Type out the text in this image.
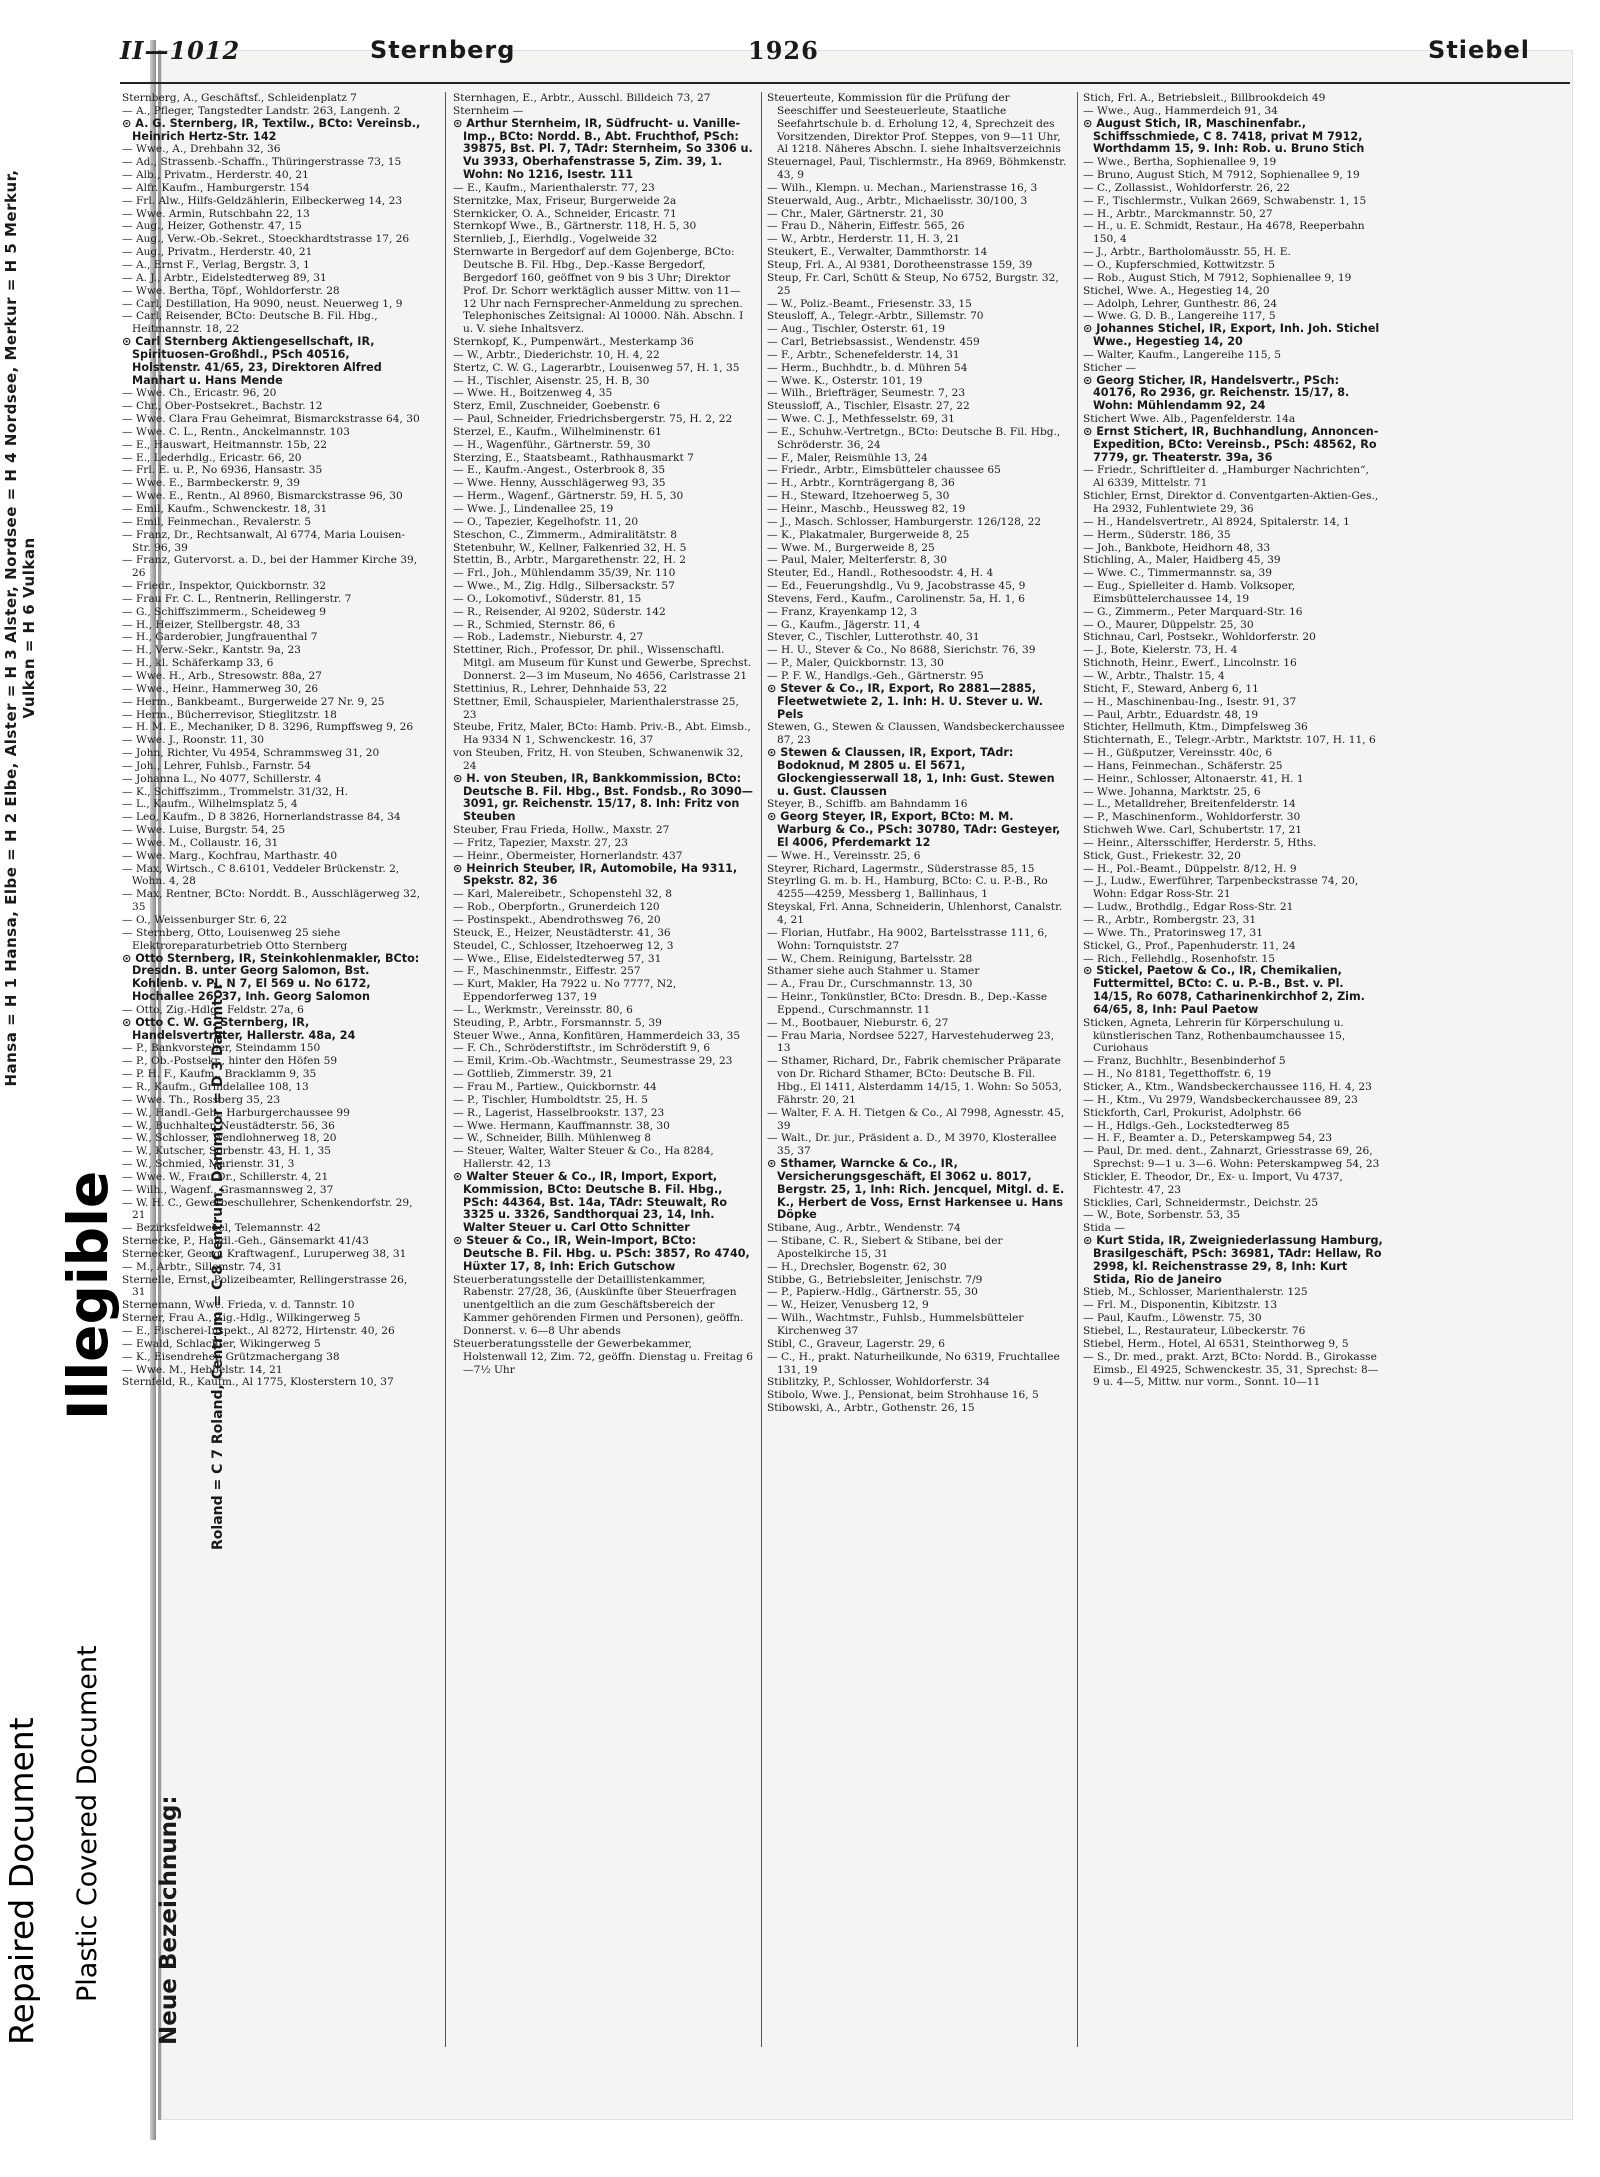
II—1012	Sternberg	1926	Stiebel
Hansa = H 1 Hansa, Elbe = H 2 Elbe, Alster = H 3 Alster, Nordsee = H 4 Nordsee, Merkur = H 5 Merkur, Vulkan = H 6 Vulkan

Sternberg, A., Geschäftsf., Schleidenplatz 7

— A., Pfleger, Tangstedter Landstr. 263, Langenh. 2

⊙ A. G. Sternberg, IR, Textilw., BCto: Vereinsb., Heinrich Hertz-Str. 142

— Wwe., A., Drehbahn 32, 36

— Ad., Strassenb.-Schaffn., Thüringerstrasse 73, 15

— Alb., Privatm., Herderstr. 40, 21

— Alfr. Kaufm., Hamburgerstr. 154

— Frl. Alw., Hilfs-Geldzählerin, Eilbeckerweg 14, 23

— Wwe. Armin, Rutschbahn 22, 13

— Aug., Heizer, Gothenstr. 47, 15

— Aug., Verw.-Ob.-Sekret., Stoeckhardtstrasse 17, 26

— Aug., Privatm., Herderstr. 40, 21

— A., Ernst F., Verlag, Bergstr. 3, 1

— A. J., Arbtr., Eidelstedterweg 89, 31

— Wwe. Bertha, Töpf., Wohldorferstr. 28

— Carl, Destillation, Ha 9090, neust. Neuerweg 1, 9

— Carl, Reisender, BCto: Deutsche B. Fil. Hbg., Heitmannstr. 18, 22

⊙ Carl Sternberg Aktiengesellschaft, IR, Spirituosen-Großhdl., PSch 40516, Holstenstr. 41/65, 23, Direktoren Alfred Manhart u. Hans Mende

— Wwe. Ch., Ericastr. 96, 20

— Chr., Ober-Postsekret., Bachstr. 12

— Wwe. Clara Frau Geheimrat, Bismarckstrasse 64, 30

— Wwe. C. L., Rentn., Anckelmannstr. 103

— E., Hauswart, Heitmannstr. 15b, 22

— E., Lederhdlg., Ericastr. 66, 20

— Frl. E. u. P., No 6936, Hansastr. 35

— Wwe. E., Barmbeckerstr. 9, 39

— Wwe. E., Rentn., Al 8960, Bismarckstrasse 96, 30

— Emil, Kaufm., Schwenckestr. 18, 31

— Emil, Feinmechan., Revalerstr. 5

— Franz, Dr., Rechtsanwalt, Al 6774, Maria Louisen-Str. 96, 39

— Franz, Gutervorst. a. D., bei der Hammer Kirche 39, 26

— Friedr., Inspektor, Quickbornstr. 32

— Frau Fr. C. L., Rentnerin, Rellingerstr. 7

— G., Schiffszimmerm., Scheideweg 9

— H., Heizer, Stellbergstr. 48, 33

— H., Garderobier, Jungfrauenthal 7

— H., Verw.-Sekr., Kantstr. 9a, 23

— H., kl. Schäferkamp 33, 6

— Wwe. H., Arb., Stresowstr. 88a, 27

— Wwe., Heinr., Hammerweg 30, 26

— Herm., Bankbeamt., Burgerweide 27 Nr. 9, 25

— Herm., Bücherrevisor, Stieglitzstr. 18

— H. M. E., Mechaniker, D 8. 3296, Rumpffsweg 9, 26

— Wwe. J., Roonstr. 11, 30

— John, Richter, Vu 4954, Schrammsweg 31, 20

— Joh., Lehrer, Fuhlsb., Farnstr. 54

— Johanna L., No 4077, Schillerstr. 4

— K., Schiffszimm., Trommelstr. 31/32, H.

— L., Kaufm., Wilhelmsplatz 5, 4

— Leo, Kaufm., D 8 3826, Hornerlandstrasse 84, 34

— Wwe. Luise, Burgstr. 54, 25

— Wwe. M., Collaustr. 16, 31

— Wwe. Marg., Kochfrau, Marthastr. 40

— Max, Wirtsch., C 8.6101, Veddeler Brückenstr. 2, Wohn. 4, 28

— Max, Rentner, BCto: Norddt. B., Ausschlägerweg 32, 35

— O., Weissenburger Str. 6, 22

— Sternberg, Otto, Louisenweg 25 siehe Elektroreparaturbetrieb Otto Sternberg

⊙ Otto Sternberg, IR, Steinkohlenmakler, BCto: Dresdn. B. unter Georg Salomon, Bst. Kohlenb. v. Pl. N 7, El 569 u. No 6172, Hochallee 26, 37, Inh. Georg Salomon

— Otto, Zig.-Hdlg., Feldstr. 27a, 6

⊙ Otto C. W. G. Sternberg, IR, Handelsvertreter, Hallerstr. 48a, 24

— P., Bankvorsteher, Steindamm 150

— P., Ob.-Postsekr., hinter den Höfen 59

— P. H. F., Kaufm., Bracklamm 9, 35

— R., Kaufm., Grindelallee 108, 13

— Wwe. Th., Rossberg 35, 23

— W., Handl.-Geh., Harburgerchaussee 99

— W., Buchhalter, Neustädterstr. 56, 36

— W., Schlosser, Wendlohnerweg 18, 20

— W., Kutscher, Sorbenstr. 43, H. 1, 35

— W., Schmied, Marienstr. 31, 3

— Wwe. W., Frau Dr., Schillerstr. 4, 21

— Wilh., Wagenf., Grasmannsweg 2, 37

— W. H. C., Gewerbeschullehrer, Schenkendorfstr. 29, 21

— Bezirksfeldwebel, Telemannstr. 42

Sternecke, P., Handl.-Geh., Gänsemarkt 41/43

Sternecker, Georg, Kraftwagenf., Luruperweg 38, 31

— M., Arbtr., Sillemstr. 74, 31

Sternelle, Ernst, Polizeibeamter, Rellingerstrasse 26, 31

Sternemann, Wwe. Frieda, v. d. Tannstr. 10

Sterner, Frau A., Zig.-Hdlg., Wilkingerweg 5

— E., Fischerei-Inspekt., Al 8272, Hirtenstr. 40, 26

— Ewald, Schlachter, Wikingerweg 5

— K., Eisendreher, Grützmachergang 38

— Wwe. M., Hebbelstr. 14, 21

Sternfeld, R., Kaufm., Al 1775, Klosterstern 10, 37

Sternhagen, E., Arbtr., Ausschl. Billdeich 73, 27

Sternheim —

⊙ Arthur Sternheim, IR, Südfrucht- u. Vanille-Imp., BCto: Nordd. B., Abt. Fruchthof, PSch: 39875, Bst. Pl. 7, TAdr: Sternheim, So 3306 u. Vu 3933, Oberhafenstrasse 5, Zim. 39, 1. Wohn: No 1216, Isestr. 111

— E., Kaufm., Marienthalerstr. 77, 23

Sternitzke, Max, Friseur, Burgerweide 2a

Sternkicker, O. A., Schneider, Ericastr. 71

Sternkopf Wwe., B., Gärtnerstr. 118, H. 5, 30

Sternlieb, J., Eierhdlg., Vogelweide 32

Sternwarte in Bergedorf auf dem Gojenberge, BCto: Deutsche B. Fil. Hbg., Dep.-Kasse Bergedorf, Bergedorf 160, geöffnet von 9 bis 3 Uhr; Direktor Prof. Dr. Schorr werktäglich ausser Mittw. von 11—12 Uhr nach Fernsprecher-Anmeldung zu sprechen. Telephonisches Zeitsignal: Al 10000. Näh. Abschn. I u. V. siehe Inhaltsverz.

Sternkopf, K., Pumpenwärt., Mesterkamp 36

— W., Arbtr., Diederichstr. 10, H. 4, 22

Stertz, C. W. G., Lagerarbtr., Louisenweg 57, H. 1, 35

— H., Tischler, Aisenstr. 25, H. B, 30

— Wwe. H., Boitzenweg 4, 35

Sterz, Emil, Zuschneider, Goebenstr. 6

— Paul, Schneider, Friedrichsbergerstr. 75, H. 2, 22

Sterzel, E., Kaufm., Wilhelminenstr. 61

— H., Wagenführ., Gärtnerstr. 59, 30

Sterzing, E., Staatsbeamt., Rathhausmarkt 7

— E., Kaufm.-Angest., Osterbrook 8, 35

— Wwe. Henny, Ausschlägerweg 93, 35

— Herm., Wagenf., Gärtnerstr. 59, H. 5, 30

— Wwe. J., Lindenallee 25, 19

— O., Tapezier, Kegelhofstr. 11, 20

Steschon, C., Zimmerm., Admiralitätstr. 8

Stetenbuhr, W., Kellner, Falkenried 32, H. 5

Stettin, B., Arbtr., Margarethenstr. 22, H. 2

— Frl., Joh., Mühlendamm 35/39, Nr. 110

— Wwe., M., Zig. Hdlg., Silbersackstr. 57

— O., Lokomotivf., Süderstr. 81, 15

— R., Reisender, Al 9202, Süderstr. 142

— R., Schmied, Sternstr. 86, 6

— Rob., Lademstr., Nieburstr. 4, 27

Stettiner, Rich., Professor, Dr. phil., Wissenschaftl. Mitgl. am Museum für Kunst und Gewerbe, Sprechst. Donnerst. 2—3 im Museum, No 4656, Carlstrasse 21

Stettinius, R., Lehrer, Dehnhaide 53, 22

Stettner, Emil, Schauspieler, Marienthalerstrasse 25, 23

Steube, Fritz, Maler, BCto: Hamb. Priv.-B., Abt. Eimsb., Ha 9334 N 1, Schwenckestr. 16, 37

von Steuben, Fritz, H. von Steuben, Schwanenwik 32, 24

⊙ H. von Steuben, IR, Bankkommission, BCto: Deutsche B. Fil. Hbg., Bst. Fondsb., Ro 3090—3091, gr. Reichenstr. 15/17, 8. Inh: Fritz von Steuben

Steuber, Frau Frieda, Hollw., Maxstr. 27

— Fritz, Tapezier, Maxstr. 27, 23

— Heinr., Obermeister, Hornerlandstr. 437

⊙ Heinrich Steuber, IR, Automobile, Ha 9311, Spekstr. 82, 36

— Karl, Malereibetr., Schopenstehl 32, 8

— Rob., Oberpfortn., Grunerdeich 120

— Postinspekt., Abendrothsweg 76, 20

Steuck, E., Heizer, Neustädterstr. 41, 36

Steudel, C., Schlosser, Itzehoerweg 12, 3

— Wwe., Elise, Eidelstedterweg 57, 31

— F., Maschinenmstr., Eiffestr. 257

— Kurt, Makler, Ha 7922 u. No 7777, N2, Eppendorferweg 137, 19

— L., Werkmstr., Vereinsstr. 80, 6

Steuding, P., Arbtr., Forsmannstr. 5, 39

Steuer Wwe., Anna, Konfitüren, Hammerdeich 33, 35

— F. Ch., Schröderstiftstr., im Schröderstift 9, 6

— Emil, Krim.-Ob.-Wachtmstr., Seumestrasse 29, 23

— Gottlieb, Zimmerstr. 39, 21

— Frau M., Partiew., Quickbornstr. 44

— P., Tischler, Humboldtstr. 25, H. 5

— R., Lagerist, Hasselbrookstr. 137, 23

— Wwe. Hermann, Kauffmannstr. 38, 30

— W., Schneider, Billh. Mühlenweg 8

— Steuer, Walter, Walter Steuer & Co., Ha 8284, Hallerstr. 42, 13

⊙ Walter Steuer & Co., IR, Import, Export, Kommission, BCto: Deutsche B. Fil. Hbg., PSch: 44364, Bst. 14a, TAdr: Steuwalt, Ro 3325 u. 3326, Sandthorquai 23, 14, Inh. Walter Steuer u. Carl Otto Schnitter

⊙ Steuer & Co., IR, Wein-Import, BCto: Deutsche B. Fil. Hbg. u. PSch: 3857, Ro 4740, Hüxter 17, 8, Inh: Erich Gutschow

Steuerberatungsstelle der Detaillistenkammer, Rabenstr. 27/28, 36, (Auskünfte über Steuerfragen unentgeltlich an die zum Geschäftsbereich der Kammer gehörenden Firmen und Personen), geöffn. Donnerst. v. 6—8 Uhr abends

Steuerberatungsstelle der Gewerbekammer, Holstenwall 12, Zim. 72, geöffn. Dienstag u. Freitag 6—7½ Uhr

Steuerteute, Kommission für die Prüfung der Seeschiffer und Seesteuerleute, Staatliche Seefahrtschule b. d. Erholung 12, 4, Sprechzeit des Vorsitzenden, Direktor Prof. Steppes, von 9—11 Uhr, Al 1218. Näheres Abschn. I. siehe Inhaltsverzeichnis

Steuernagel, Paul, Tischlermstr., Ha 8969, Böhmkenstr. 43, 9

— Wilh., Klempn. u. Mechan., Marienstrasse 16, 3

Steuerwald, Aug., Arbtr., Michaelisstr. 30/100, 3

— Chr., Maler, Gärtnerstr. 21, 30

— Frau D., Näherin, Eiffestr. 565, 26

— W., Arbtr., Herderstr. 11, H. 3, 21

Steukert, E., Verwalter, Dammthorstr. 14

Steup, Frl. A., Al 9381, Dorotheenstrasse 159, 39

Steup, Fr. Carl, Schütt & Steup, No 6752, Burgstr. 32, 25

— W., Poliz.-Beamt., Friesenstr. 33, 15

Steusloff, A., Telegr.-Arbtr., Sillemstr. 70

— Aug., Tischler, Osterstr. 61, 19

— Carl, Betriebsassist., Wendenstr. 459

— F., Arbtr., Schenefelderstr. 14, 31

— Herm., Buchhdtr., b. d. Mühren 54

— Wwe. K., Osterstr. 101, 19

— Wilh., Briefträger, Seumestr. 7, 23

Steussloff, A., Tischler, Elsastr. 27, 22

— Wwe. C. J., Methfesselstr. 69, 31

— E., Schuhw.-Vertretgn., BCto: Deutsche B. Fil. Hbg., Schröderstr. 36, 24

— F., Maler, Reismühle 13, 24

— Friedr., Arbtr., Eimsbütteler chaussee 65

— H., Arbtr., Kornträgergang 8, 36

— H., Steward, Itzehoerweg 5, 30

— Heinr., Maschb., Heussweg 82, 19

— J., Masch. Schlosser, Hamburgerstr. 126/128, 22

— K., Plakatmaler, Burgerweide 8, 25

— Wwe. M., Burgerweide 8, 25

— Paul, Maler, Melterferstr. 8, 30

Steuter, Ed., Handl., Rothesoodstr. 4, H. 4

— Ed., Feuerungshdlg., Vu 9, Jacobstrasse 45, 9

Stevens, Ferd., Kaufm., Carolinenstr. 5a, H. 1, 6

— Franz, Krayenkamp 12, 3

— G., Kaufm., Jägerstr. 11, 4

Stever, C., Tischler, Lutterothstr. 40, 31

— H. U., Stever & Co., No 8688, Sierichstr. 76, 39

— P., Maler, Quickbornstr. 13, 30

— P. F. W., Handlgs.-Geh., Gärtnerstr. 95

⊙ Stever & Co., IR, Export, Ro 2881—2885, Fleetwetwiete 2, 1. Inh: H. U. Stever u. W. Pels

Stewen, G., Stewen & Claussen, Wandsbeckerchaussee 87, 23

⊙ Stewen & Claussen, IR, Export, TAdr: Bodoknud, M 2805 u. El 5671, Glockengiesserwall 18, 1, Inh: Gust. Stewen u. Gust. Claussen

Steyer, B., Schiffb. am Bahndamm 16

⊙ Georg Steyer, IR, Export, BCto: M. M. Warburg & Co., PSch: 30780, TAdr: Gesteyer, El 4006, Pferdemarkt 12

— Wwe. H., Vereinsstr. 25, 6

Steyrer, Richard, Lagermstr., Süderstrasse 85, 15

Steyrling G. m. b. H., Hamburg, BCto: C. u. P.-B., Ro 4255—4259, Messberg 1, Ballinhaus, 1

Steyskal, Frl. Anna, Schneiderin, Uhlenhorst, Canalstr. 4, 21

— Florian, Hutfabr., Ha 9002, Bartelsstrasse 111, 6, Wohn: Tornquiststr. 27

— W., Chem. Reinigung, Bartelsstr. 28

Sthamer siehe auch Stahmer u. Stamer

— A., Frau Dr., Curschmannstr. 13, 30

— Heinr., Tonkünstler, BCto: Dresdn. B., Dep.-Kasse Eppend., Curschmannstr. 11

— M., Bootbauer, Nieburstr. 6, 27

— Frau Maria, Nordsee 5227, Harvestehuderweg 23, 13

— Sthamer, Richard, Dr., Fabrik chemischer Präparate von Dr. Richard Sthamer, BCto: Deutsche B. Fil. Hbg., El 1411, Alsterdamm 14/15, 1. Wohn: So 5053, Fährstr. 20, 21

— Walter, F. A. H. Tietgen & Co., Al 7998, Agnesstr. 45, 39

— Walt., Dr. jur., Präsident a. D., M 3970, Klosterallee 35, 37

⊙ Sthamer, Warncke & Co., IR, Versicherungsgeschäft, El 3062 u. 8017, Bergstr. 25, 1, Inh: Rich. Jencquel, Mitgl. d. E. K., Herbert de Voss, Ernst Harkensee u. Hans Döpke

Stibane, Aug., Arbtr., Wendenstr. 74

— Stibane, C. R., Siebert & Stibane, bei der Apostelkirche 15, 31

— H., Drechsler, Bogenstr. 62, 30

Stibbe, G., Betriebsleiter, Jenischstr. 7/9

— P., Papierw.-Hdlg., Gärtnerstr. 55, 30

— W., Heizer, Venusberg 12, 9

— Wilh., Wachtmstr., Fuhlsb., Hummelsbütteler Kirchenweg 37

Stibl, C., Graveur, Lagerstr. 29, 6

— C., H., prakt. Naturheilkunde, No 6319, Fruchtallee 131, 19

Stiblitzky, P., Schlosser, Wohldorferstr. 34

Stibolo, Wwe. J., Pensionat, beim Strohhause 16, 5

Stibowski, A., Arbtr., Gothenstr. 26, 15

Stich, Frl. A., Betriebsleit., Billbrookdeich 49

— Wwe., Aug., Hammerdeich 91, 34

⊙ August Stich, IR, Maschinenfabr., Schiffsschmiede, C 8. 7418, privat M 7912, Worthdamm 15, 9. Inh: Rob. u. Bruno Stich

— Wwe., Bertha, Sophienallee 9, 19

— Bruno, August Stich, M 7912, Sophienallee 9, 19

— C., Zollassist., Wohldorferstr. 26, 22

— F., Tischlermstr., Vulkan 2669, Schwabenstr. 1, 15

— H., Arbtr., Marckmannstr. 50, 27

— H., u. E. Schmidt, Restaur., Ha 4678, Reeperbahn 150, 4

— J., Arbtr., Bartholomäusstr. 55, H. E.

— O., Kupferschmied, Kottwitzstr. 5

— Rob., August Stich, M 7912, Sophienallee 9, 19

Stichel, Wwe. A., Hegestieg 14, 20

— Adolph, Lehrer, Gunthestr. 86, 24

— Wwe. G. D. B., Langereihe 117, 5

⊙ Johannes Stichel, IR, Export, Inh. Joh. Stichel Wwe., Hegestieg 14, 20

— Walter, Kaufm., Langereihe 115, 5

Sticher —

⊙ Georg Sticher, IR, Handelsvertr., PSch: 40176, Ro 2936, gr. Reichenstr. 15/17, 8. Wohn: Mühlendamm 92, 24

Stichert Wwe. Alb., Pagenfelderstr. 14a

⊙ Ernst Stichert, IR, Buchhandlung, Annoncen-Expedition, BCto: Vereinsb., PSch: 48562, Ro 7779, gr. Theaterstr. 39a, 36

— Friedr., Schriftleiter d. „Hamburger Nachrichten“, Al 6339, Mittelstr. 71

Stichler, Ernst, Direktor d. Conventgarten-Aktien-Ges., Ha 2932, Fuhlentwiete 29, 36

— H., Handelsvertretr., Al 8924, Spitalerstr. 14, 1

— Herm., Süderstr. 186, 35

— Joh., Bankbote, Heidhorn 48, 33

Stichling, A., Maler, Haidberg 45, 39

— Wwe. C., Timmermannstr. sa, 39

— Eug., Spielleiter d. Hamb. Volksoper, Eimsbüttelerchaussee 14, 19

— G., Zimmerm., Peter Marquard-Str. 16

— O., Maurer, Düppelstr. 25, 30

Stichnau, Carl, Postsekr., Wohldorferstr. 20

— J., Bote, Kielerstr. 73, H. 4

Stichnoth, Heinr., Ewerf., Lincolnstr. 16

— W., Arbtr., Thalstr. 15, 4

Sticht, F., Steward, Anberg 6, 11

— H., Maschinenbau-Ing., Isestr. 91, 37

— Paul, Arbtr., Eduardstr. 48, 19

Stichter, Hellmuth, Ktm., Dimpfelsweg 36

Stichternath, E., Telegr.-Arbtr., Marktstr. 107, H. 11, 6

— H., Güßputzer, Vereinsstr. 40c, 6

— Hans, Feinmechan., Schäferstr. 25

— Heinr., Schlosser, Altonaerstr. 41, H. 1

— Wwe. Johanna, Marktstr. 25, 6

— L., Metalldreher, Breitenfelderstr. 14

— P., Maschinenform., Wohldorferstr. 30

Stichweh Wwe. Carl, Schubertstr. 17, 21

— Heinr., Altersschiffer, Herderstr. 5, Hths.

Stick, Gust., Friekestr. 32, 20

— H., Pol.-Beamt., Düppelstr. 8/12, H. 9

— J., Ludw., Ewerführer, Tarpenbeckstrasse 74, 20, Wohn: Edgar Ross-Str. 21

— Ludw., Brothdlg., Edgar Ross-Str. 21

— R., Arbtr., Rombergstr. 23, 31

— Wwe. Th., Pratorinsweg 17, 31

Stickel, G., Prof., Papenhuderstr. 11, 24

— Rich., Fellehdlg., Rosenhofstr. 15

⊙ Stickel, Paetow & Co., IR, Chemikalien, Futtermittel, BCto: C. u. P.-B., Bst. v. Pl. 14/15, Ro 6078, Catharinenkirchhof 2, Zim. 64/65, 8, Inh: Paul Paetow

Sticken, Agneta, Lehrerin für Körperschulung u. künstlerischen Tanz, Rothenbaumchaussee 15, Curiohaus

— Franz, Buchhltr., Besenbinderhof 5

— H., No 8181, Tegetthoffstr. 6, 19

Sticker, A., Ktm., Wandsbeckerchaussee 116, H. 4, 23

— H., Ktm., Vu 2979, Wandsbeckerchaussee 89, 23

Stickforth, Carl, Prokurist, Adolphstr. 66

— H., Hdlgs.-Geh., Lockstedterweg 85

— H. F., Beamter a. D., Peterskampweg 54, 23

— Paul, Dr. med. dent., Zahnarzt, Griesstrasse 69, 26, Sprechst: 9—1 u. 3—6. Wohn: Peterskampweg 54, 23

Stickler, E. Theodor, Dr., Ex- u. Import, Vu 4737, Fichtestr. 47, 23

Sticklies, Carl, Schneidermstr., Deichstr. 25

— W., Bote, Sorbenstr. 53, 35

Stida —

⊙ Kurt Stida, IR, Zweigniederlassung Hamburg, Brasilgeschäft, PSch: 36981, TAdr: Hellaw, Ro 2998, kl. Reichenstrasse 29, 8, Inh: Kurt Stida, Rio de Janeiro

Stieb, M., Schlosser, Marienthalerstr. 125

— Frl. M., Disponentin, Kibitzstr. 13

— Paul, Kaufm., Löwenstr. 75, 30

Stiebel, L., Restaurateur, Lübeckerstr. 76

Stiebel, Herm., Hotel, Al 6531, Steinthorweg 9, 5

— S., Dr. med., prakt. Arzt, BCto: Nordd. B., Girokasse Eimsb., El 4925, Schwenckestr. 35, 31, Sprechst: 8—9 u. 4—5, Mittw. nur vorm., Sonnt. 10—11

Roland = C 7 Roland, Centrum = C 8 Centrum, Dammtor = D 3 Dammtor
Neue Bezeichnung:
Repaired Document Plastic Covered Document
Illegible
